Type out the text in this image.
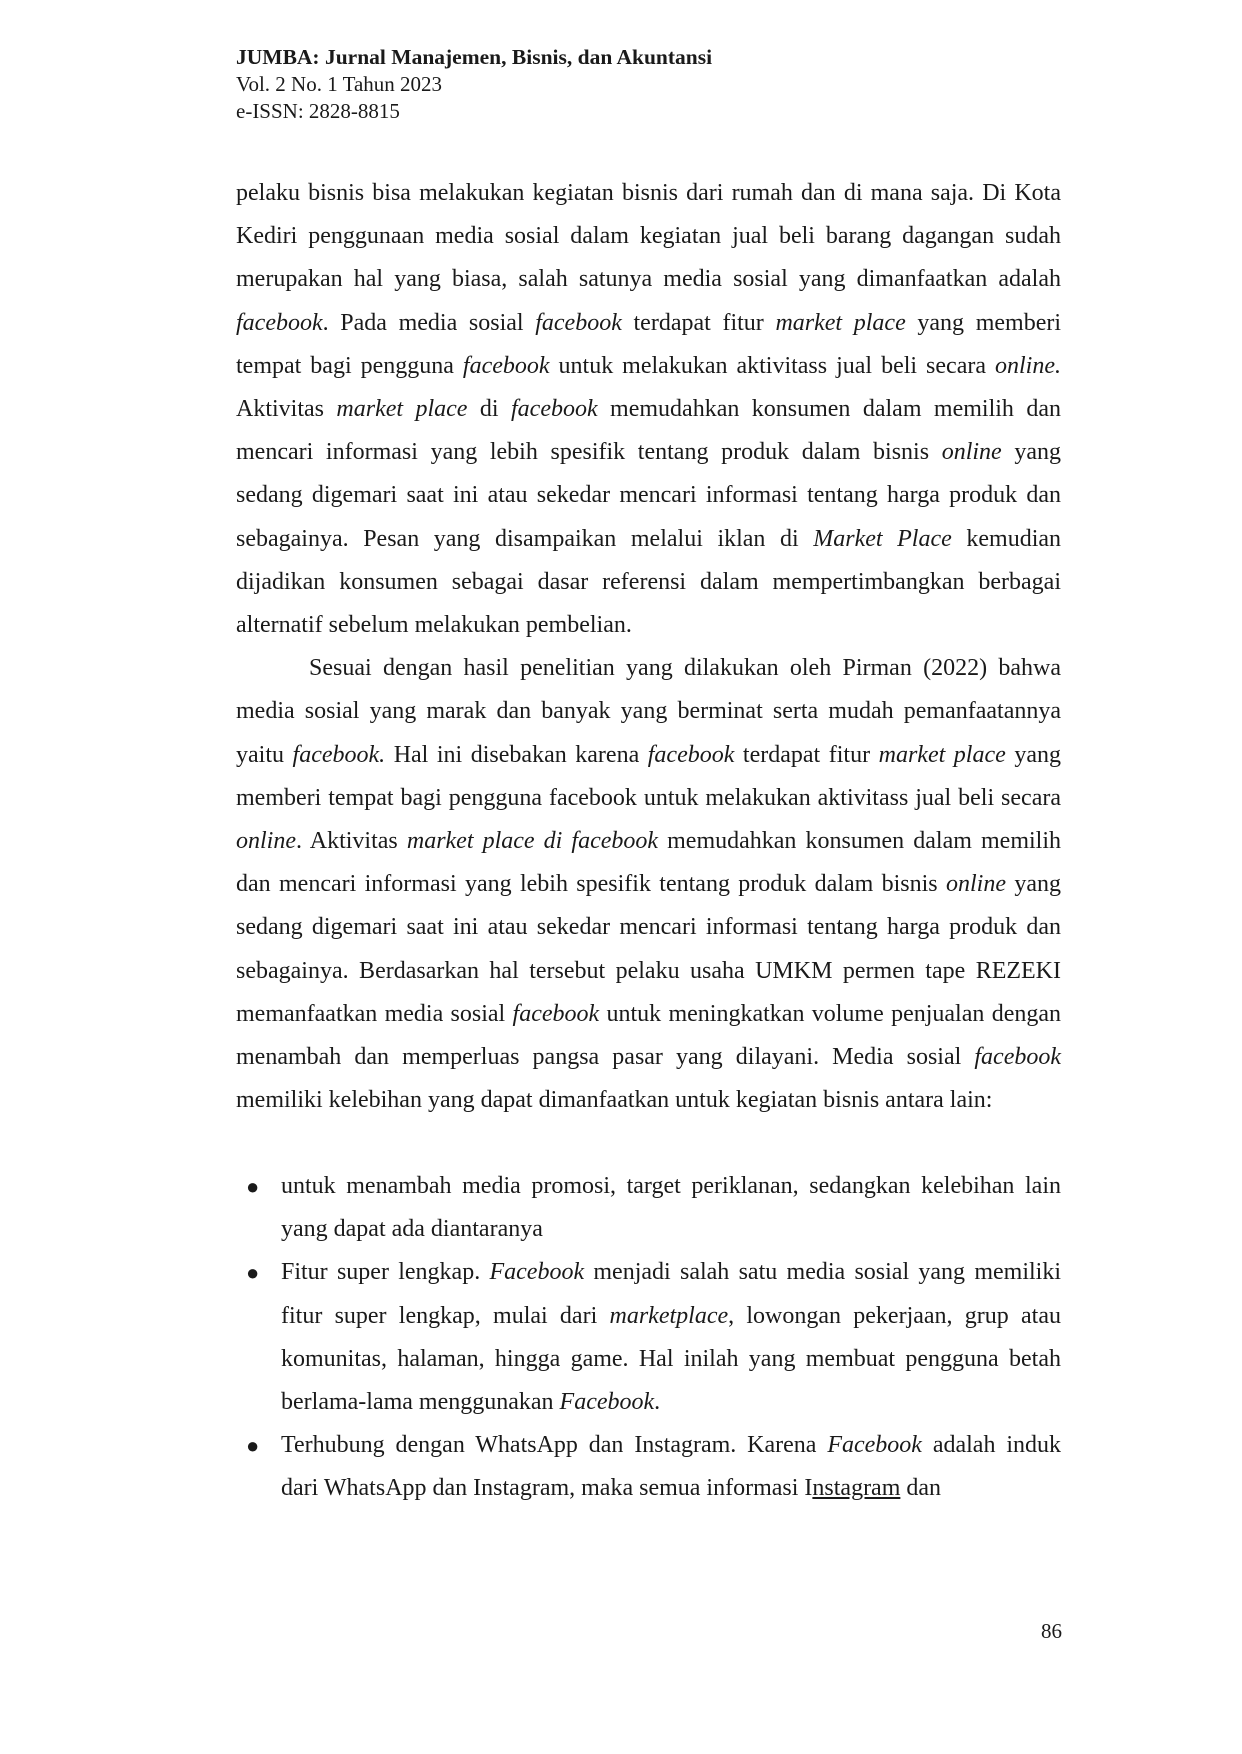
JUMBA: Jurnal Manajemen, Bisnis, dan Akuntansi
Vol. 2 No. 1 Tahun 2023
e-ISSN: 2828-8815

pelaku bisnis bisa melakukan kegiatan bisnis dari rumah dan di mana saja. Di Kota Kediri penggunaan media sosial dalam kegiatan jual beli barang dagangan sudah merupakan hal yang biasa, salah satunya media sosial yang dimanfaatkan adalah facebook. Pada media sosial facebook terdapat fitur market place yang memberi tempat bagi pengguna facebook untuk melakukan aktivitass jual beli secara online. Aktivitas market place di facebook memudahkan konsumen dalam memilih dan mencari informasi yang lebih spesifik tentang produk dalam bisnis online yang sedang digemari saat ini atau sekedar mencari informasi tentang harga produk dan sebagainya. Pesan yang disampaikan melalui iklan di Market Place kemudian dijadikan konsumen sebagai dasar referensi dalam mempertimbangkan berbagai alternatif sebelum melakukan pembelian.

Sesuai dengan hasil penelitian yang dilakukan oleh Pirman (2022) bahwa media sosial yang marak dan banyak yang berminat serta mudah pemanfaatannya yaitu facebook. Hal ini disebakan karena facebook terdapat fitur market place yang memberi tempat bagi pengguna facebook untuk melakukan aktivitass jual beli secara online. Aktivitas market place di facebook memudahkan konsumen dalam memilih dan mencari informasi yang lebih spesifik tentang produk dalam bisnis online yang sedang digemari saat ini atau sekedar mencari informasi tentang harga produk dan sebagainya. Berdasarkan hal tersebut pelaku usaha UMKM permen tape REZEKI memanfaatkan media sosial facebook untuk meningkatkan volume penjualan dengan menambah dan memperluas pangsa pasar yang dilayani. Media sosial facebook memiliki kelebihan yang dapat dimanfaatkan untuk kegiatan bisnis antara lain:

● untuk menambah media promosi, target periklanan, sedangkan kelebihan lain yang dapat ada diantaranya
● Fitur super lengkap. Facebook menjadi salah satu media sosial yang memiliki fitur super lengkap, mulai dari marketplace, lowongan pekerjaan, grup atau komunitas, halaman, hingga game. Hal inilah yang membuat pengguna betah berlama-lama menggunakan Facebook.
● Terhubung dengan WhatsApp dan Instagram. Karena Facebook adalah induk dari WhatsApp dan Instagram, maka semua informasi Instagram dan
86
